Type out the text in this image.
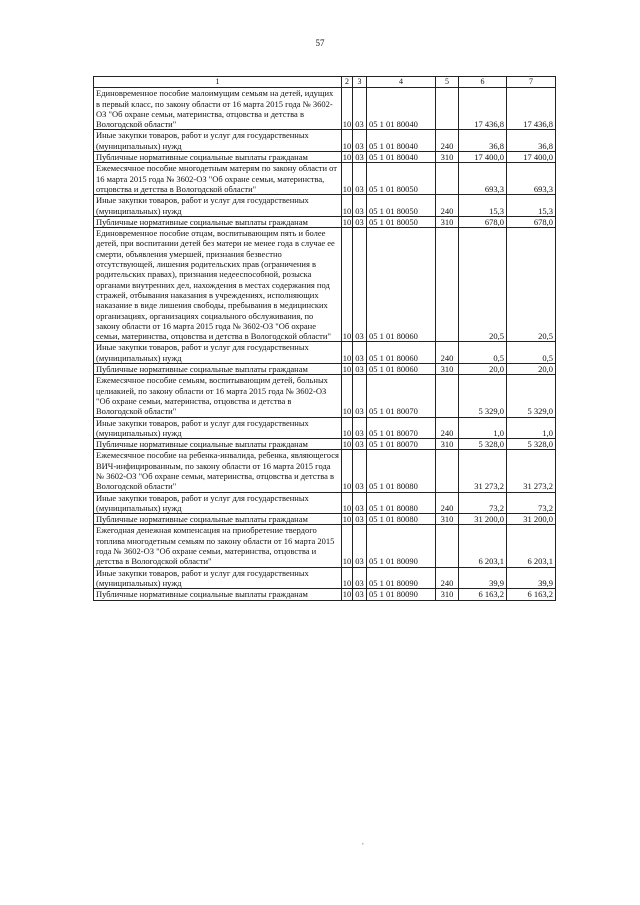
57
1	2	3	4	5	6	7
Единовременное пособие малоимущим семьям на детей, идущих в первый класс, по закону области от 16 марта 2015 года № 3602-ОЗ "Об охране семьи, материнства, отцовства и детства в Вологодской области"	10	03	05 1 01 80040		17 436,8	17 436,8
Иные закупки товаров, работ и услуг для государственных (муниципальных) нужд	10	03	05 1 01 80040	240	36,8	36,8
Публичные нормативные социальные выплаты гражданам	10	03	05 1 01 80040	310	17 400,0	17 400,0
Ежемесячное пособие многодетным матерям по закону области от 16 марта 2015 года № 3602-ОЗ "Об охране семьи, материнства, отцовства и детства в Вологодской области"	10	03	05 1 01 80050		693,3	693,3
Иные закупки товаров, работ и услуг для государственных (муниципальных) нужд	10	03	05 1 01 80050	240	15,3	15,3
Публичные нормативные социальные выплаты гражданам	10	03	05 1 01 80050	310	678,0	678,0
Единовременное пособие отцам, воспитывающим пять и более детей, при воспитании детей без матери не менее года в случае ее смерти, объявления умершей, признания безвестно отсутствующей, лишения родительских прав (ограничения в родительских правах), признания недееспособной, розыска органами внутренних дел, нахождения в местах содержания под стражей, отбывания наказания в учреждениях, исполняющих наказание в виде лишения свободы, пребывания в медицинских организациях, организациях социального обслуживания, по закону области от 16 марта 2015 года № 3602-ОЗ "Об охране семьи, материнства, отцовства и детства в Вологодской области"	10	03	05 1 01 80060		20,5	20,5
Иные закупки товаров, работ и услуг для государственных (муниципальных) нужд	10	03	05 1 01 80060	240	0,5	0,5
Публичные нормативные социальные выплаты гражданам	10	03	05 1 01 80060	310	20,0	20,0
Ежемесячное пособие семьям, воспитывающим детей, больных целиакией, по закону области от 16 марта 2015 года № 3602-ОЗ "Об охране семьи, материнства, отцовства и детства в Вологодской области"	10	03	05 1 01 80070		5 329,0	5 329,0
Иные закупки товаров, работ и услуг для государственных (муниципальных) нужд	10	03	05 1 01 80070	240	1,0	1,0
Публичные нормативные социальные выплаты гражданам	10	03	05 1 01 80070	310	5 328,0	5 328,0
Ежемесячное пособие на ребенка-инвалида, ребенка, являющегося ВИЧ-инфицированным, по закону области от 16 марта 2015 года № 3602-ОЗ "Об охране семьи, материнства, отцовства и детства в Вологодской области"	10	03	05 1 01 80080		31 273,2	31 273,2
Иные закупки товаров, работ и услуг для государственных (муниципальных) нужд	10	03	05 1 01 80080	240	73,2	73,2
Публичные нормативные социальные выплаты гражданам	10	03	05 1 01 80080	310	31 200,0	31 200,0
Ежегодная денежная компенсация на приобретение твердого топлива многодетным семьям по закону области от 16 марта 2015 года № 3602-ОЗ "Об охране семьи, материнства, отцовства и детства в Вологодской области"	10	03	05 1 01 80090		6 203,1	6 203,1
Иные закупки товаров, работ и услуг для государственных (муниципальных) нужд	10	03	05 1 01 80090	240	39,9	39,9
Публичные нормативные социальные выплаты гражданам	10	03	05 1 01 80090	310	6 163,2	6 163,2
,
